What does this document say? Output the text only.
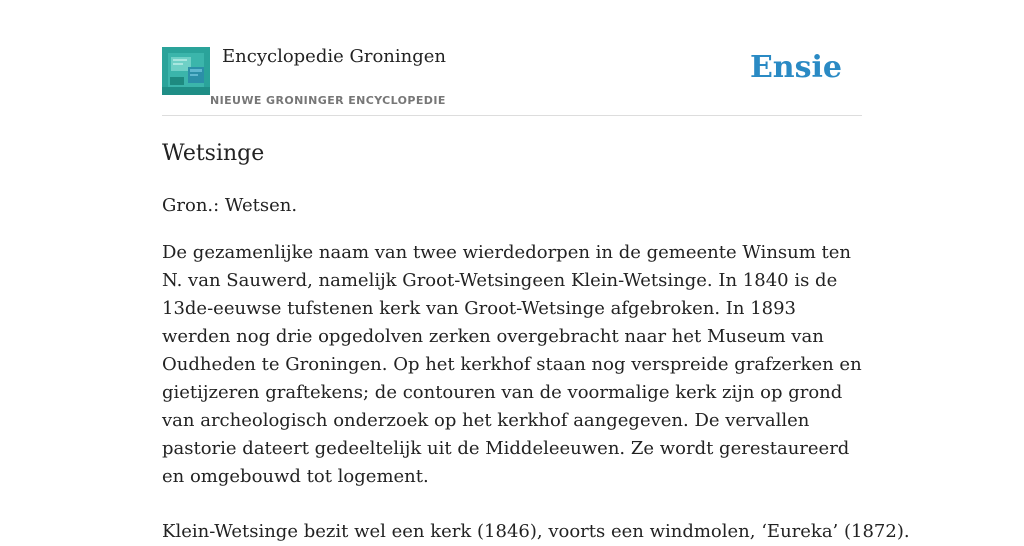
Encyclopedie Groningen
NIEUWE GRONINGER ENCYCLOPEDIE
Ensie
Wetsinge

Gron.: Wetsen.

De gezamenlijke naam van twee wierdedorpen in de gemeente Winsum ten N. van Sauwerd, namelijk Groot-Wetsingeen Klein-Wetsinge. In 1840 is de 13de-eeuwse tufstenen kerk van Groot-Wetsinge afgebroken. In 1893 werden nog drie opgedolven zerken overgebracht naar het Museum van Oudheden te Groningen. Op het kerkhof staan nog verspreide grafzerken en gietijzeren graftekens; de contouren van de voormalige kerk zijn op grond van archeologisch onderzoek op het kerkhof aangegeven. De vervallen pastorie dateert gedeeltelijk uit de Middeleeuwen. Ze wordt gerestaureerd en omgebouwd tot logement.

Klein-Wetsinge bezit wel een kerk (1846), voorts een windmolen, ‘Eureka’ (1872).
